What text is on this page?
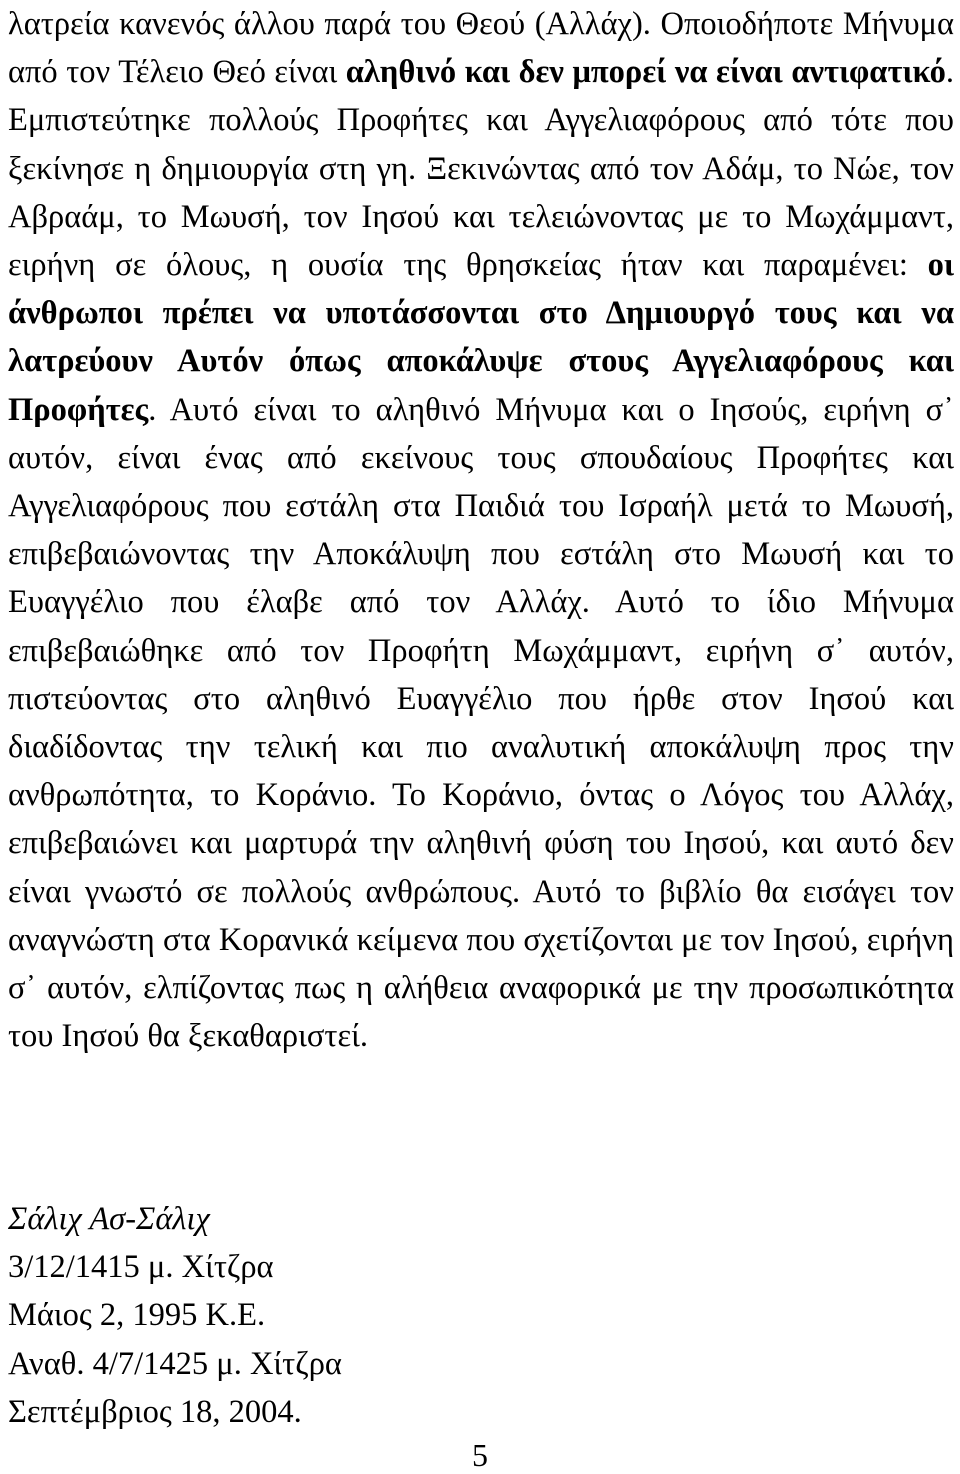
λατρεία κανενός άλλου παρά του Θεού (Αλλάχ). Οποιοδήποτε Μήνυμα από τον Τέλειο Θεό είναι αληθινό και δεν μπορεί να είναι αντιφατικό. Εμπιστεύτηκε πολλούς Προφήτες και Αγγελιαφόρους από τότε που ξεκίνησε η δημιουργία στη γη. Ξεκινώντας από τον Αδάμ, το Νώε, τον Αβραάμ, το Μωυσή, τον Ιησού και τελειώνοντας με το Μωχάμμαντ, ειρήνη σε όλους, η ουσία της θρησκείας ήταν και παραμένει: οι άνθρωποι πρέπει να υποτάσσονται στο Δημιουργό τους και να λατρεύουν Αυτόν όπως αποκάλυψε στους Αγγελιαφόρους και Προφήτες. Αυτό είναι το αληθινό Μήνυμα και ο Ιησούς, ειρήνη σ᾽ αυτόν, είναι ένας από εκείνους τους σπουδαίους Προφήτες και Αγγελιαφόρους που εστάλη στα Παιδιά του Ισραήλ μετά το Μωυσή, επιβεβαιώνοντας την Αποκάλυψη που εστάλη στο Μωυσή και το Ευαγγέλιο που έλαβε από τον Αλλάχ. Αυτό το ίδιο Μήνυμα επιβεβαιώθηκε από τον Προφήτη Μωχάμμαντ, ειρήνη σ᾽ αυτόν, πιστεύοντας στο αληθινό Ευαγγέλιο που ήρθε στον Ιησού και διαδίδοντας την τελική και πιο αναλυτική αποκάλυψη προς την ανθρωπότητα, το Κοράνιο. Το Κοράνιο, όντας ο Λόγος του Αλλάχ, επιβεβαιώνει και μαρτυρά την αληθινή φύση του Ιησού, και αυτό δεν είναι γνωστό σε πολλούς ανθρώπους. Αυτό το βιβλίο θα εισάγει τον αναγνώστη στα Κορανικά κείμενα που σχετίζονται με τον Ιησού, ειρήνη σ᾽ αυτόν, ελπίζοντας πως η αλήθεια αναφορικά με την προσωπικότητα του Ιησού θα ξεκαθαριστεί.

Σάλιχ Ασ-Σάλιχ
3/12/1415 μ. Χίτζρα
Μάιος 2, 1995 Κ.Ε.
Αναθ. 4/7/1425 μ. Χίτζρα
Σεπτέμβριος 18, 2004.
5
